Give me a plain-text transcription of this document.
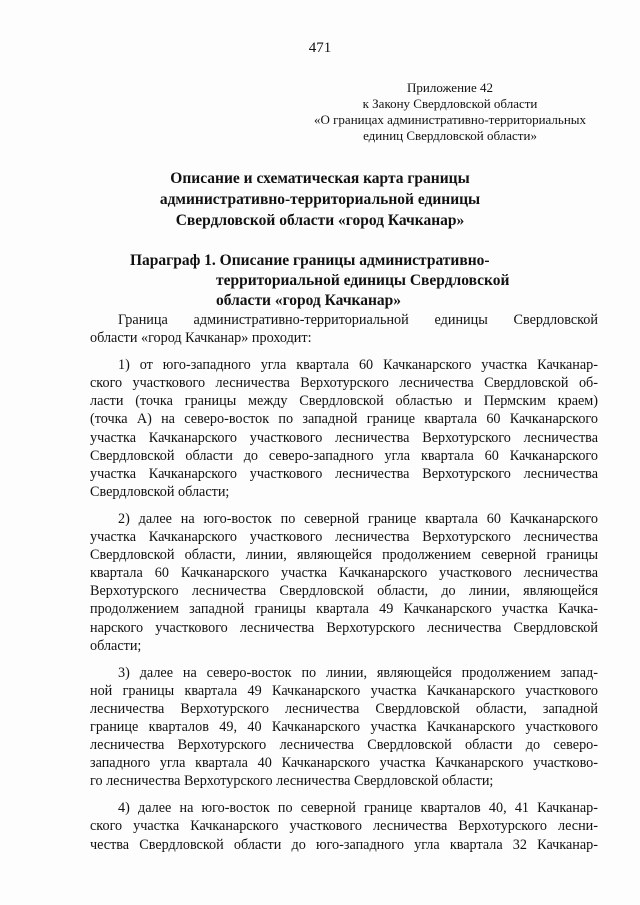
471
Приложение 42
к Закону Свердловской области
«О границах административно-территориальных
единиц Свердловской области»
Описание и схематическая карта границы
административно-территориальной единицы
Свердловской области «город Качканар»
Параграф 1. Описание границы административно-
территориальной единицы Свердловской
области «город Качканар»
Граница административно-территориальной единицы Свердловской
области «город Качканар» проходит:
1) от юго-западного угла квартала 60 Качканарского участка Качканар-
ского участкового лесничества Верхотурского лесничества Свердловской об-
ласти (точка границы между Свердловской областью и Пермским краем)
(точка А) на северо-восток по западной границе квартала 60 Качканарского
участка Качканарского участкового лесничества Верхотурского лесничества
Свердловской области до северо-западного угла квартала 60 Качканарского
участка Качканарского участкового лесничества Верхотурского лесничества
Свердловской области;
2) далее на юго-восток по северной границе квартала 60 Качканарского
участка Качканарского участкового лесничества Верхотурского лесничества
Свердловской области, линии, являющейся продолжением северной границы
квартала 60 Качканарского участка Качканарского участкового лесничества
Верхотурского лесничества Свердловской области, до линии, являющейся
продолжением западной границы квартала 49 Качканарского участка Качка-
нарского участкового лесничества Верхотурского лесничества Свердловской
области;
3) далее на северо-восток по линии, являющейся продолжением запад-
ной границы квартала 49 Качканарского участка Качканарского участкового
лесничества Верхотурского лесничества Свердловской области, западной
границе кварталов 49, 40 Качканарского участка Качканарского участкового
лесничества Верхотурского лесничества Свердловской области до северо-
западного угла квартала 40 Качканарского участка Качканарского участково-
го лесничества Верхотурского лесничества Свердловской области;
4) далее на юго-восток по северной границе кварталов 40, 41 Качканар-
ского участка Качканарского участкового лесничества Верхотурского лесни-
чества Свердловской области до юго-западного угла квартала 32 Качканар-
